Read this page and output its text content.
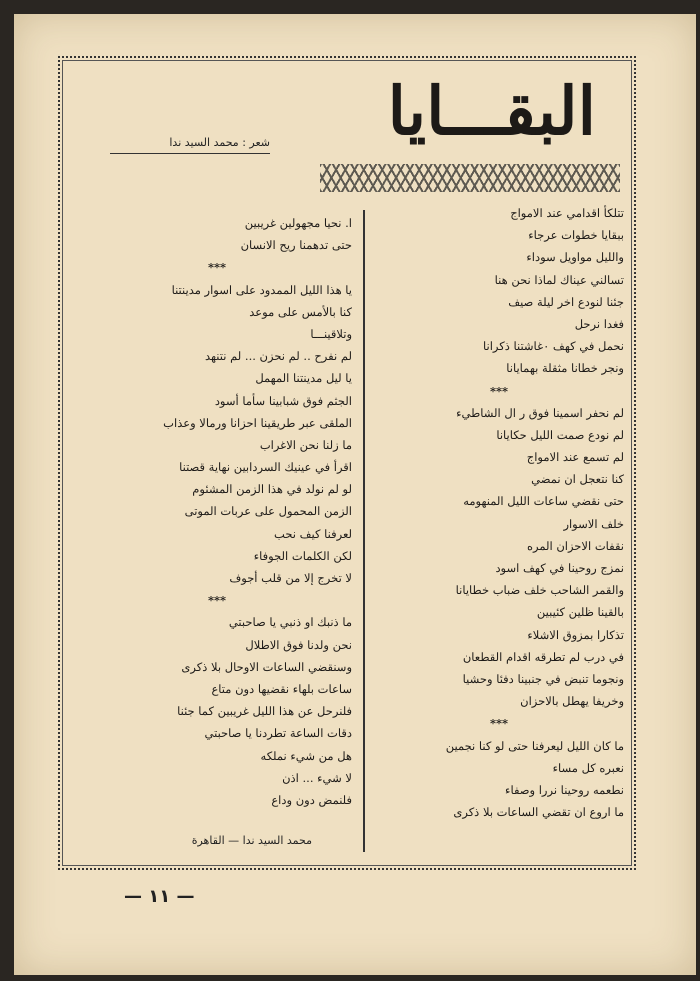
البقـــايا
شعر : محمد السيد ندا
تتلكأ اقدامي عند الامواج
ببقايا خطوات عرجاء
والليل مواويل سوداء
تسالني عيناك لماذا نحن هنا
جئنا لنودع اخر ليلة صيف
فغدا نرحل
نحمل في كهف ٠غاشتنا ذكرانا
ونجر خطانا مثقلة بهمايانا
***
لم نحفر اسمينا فوق ر ال الشاطيء
لم نودع صمت الليل حكايانا
لم تسمع عند الامواج
كنا نتعجل ان نمضي
حتى نقضي ساعات الليل المنهومه
خلف الاسوار
نقفات الاحزان المره
نمزج روحينا في كهف اسود
والقمر الشاحب خلف ضباب خطايانا
بالقينا ظلين كئيبين
تذكارا بمزوق الاشلاء
في درب لم تطرقه اقدام القطعان
ونجوما تنبض في جنبينا دفئا وحشيا
وخريفا يهطل بالاحزان
***
ما كان الليل ليعرفنا حتى لو كنا نجمين
نعبره كل مساء
نطعمه روحينا نررا وصفاء
ما اروع ان تقضي الساعات بلا ذكرى
ا. نحيا مجهولين غريبين
حتى تدهمنا ريح الانسان
***
يا هذا الليل الممدود على اسوار مدينتنا
كنا بالأمس على موعد
وتلاقينـــا
لم نفرح .. لم نحزن ... لم نتنهد
يا ليل مدينتنا المهمل
الجثم فوق شبابينا سأما أسود
الملقى عبر طريقينا احزانا ورمالا وعذاب
ما زلنا نحن الاغراب
اقرأ في عينيك السردابين نهاية قصتنا
لو لم نولد في هذا الزمن المشئوم
الزمن المحمول على عربات الموتى
لعرفنا كيف نحب
لكن الكلمات الجوفاء
لا تخرج إلا من قلب أجوف
***
ما ذنبك او ذنبي يا صاحبتي
نحن ولدنا فوق الاطلال
وسنقضي الساعات الاوحال بلا ذكرى
ساعات بلهاء نقضيها دون متاع
فلنرحل عن هذا الليل غريبين كما جئنا
دقات الساعة تطردنا يا صاحبتي
هل من شيء نملكه
لا شيء ... اذن
فلنمض دون وداع
محمد السيد ندا — القاهرة
— ١١ —
